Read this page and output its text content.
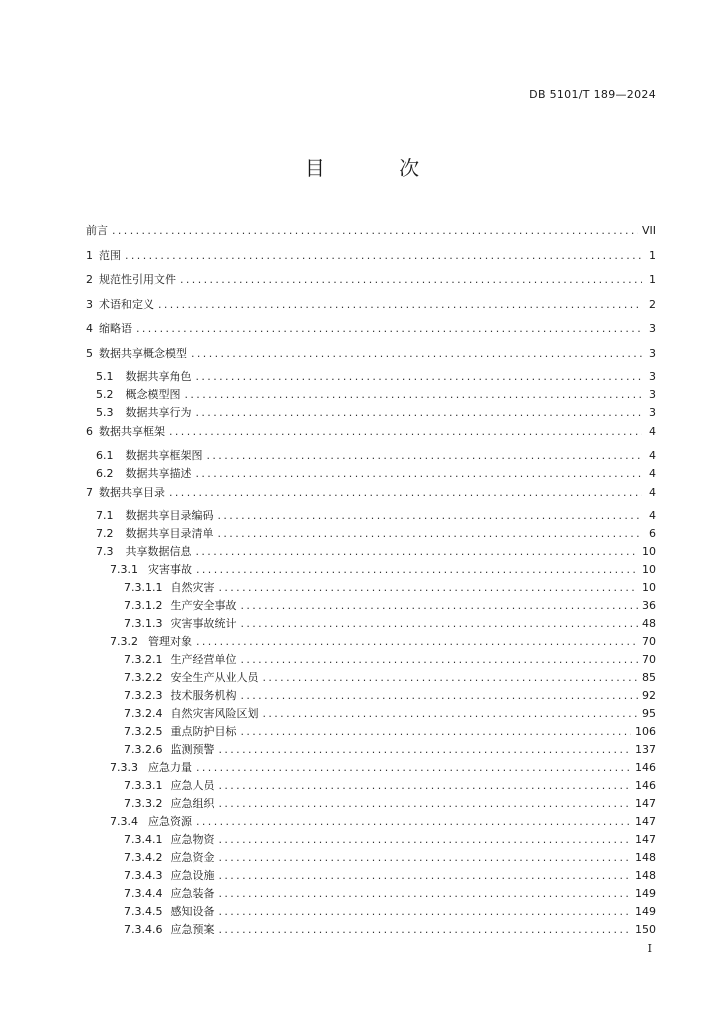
DB 5101/T 189—2024
目 次
前言 .....	VII
1 范围 .....	1
2 规范性引用文件 .....	1
3 术语和定义 .....	2
4 缩略语 .....	3
5 数据共享概念模型 .....	3
5.1 数据共享角色 .....	3
5.2 概念模型图 .....	3
5.3 数据共享行为 .....	3
6 数据共享框架 .....	4
6.1 数据共享框架图 .....	4
6.2 数据共享描述 .....	4
7 数据共享目录 .....	4
7.1 数据共享目录编码 .....	4
7.2 数据共享目录清单 .....	6
7.3 共享数据信息 .....	10
7.3.1 灾害事故 .....	10
7.3.1.1 自然灾害 .....	10
7.3.1.2 生产安全事故 .....	36
7.3.1.3 灾害事故统计 .....	48
7.3.2 管理对象 .....	70
7.3.2.1 生产经营单位 .....	70
7.3.2.2 安全生产从业人员 .....	85
7.3.2.3 技术服务机构 .....	92
7.3.2.4 自然灾害风险区划 .....	95
7.3.2.5 重点防护目标 .....	106
7.3.2.6 监测预警 .....	137
7.3.3 应急力量 .....	146
7.3.3.1 应急人员 .....	146
7.3.3.2 应急组织 .....	147
7.3.4 应急资源 .....	147
7.3.4.1 应急物资 .....	147
7.3.4.2 应急资金 .....	148
7.3.4.3 应急设施 .....	148
7.3.4.4 应急装备 .....	149
7.3.4.5 感知设备 .....	149
7.3.4.6 应急预案 .....	150
I
